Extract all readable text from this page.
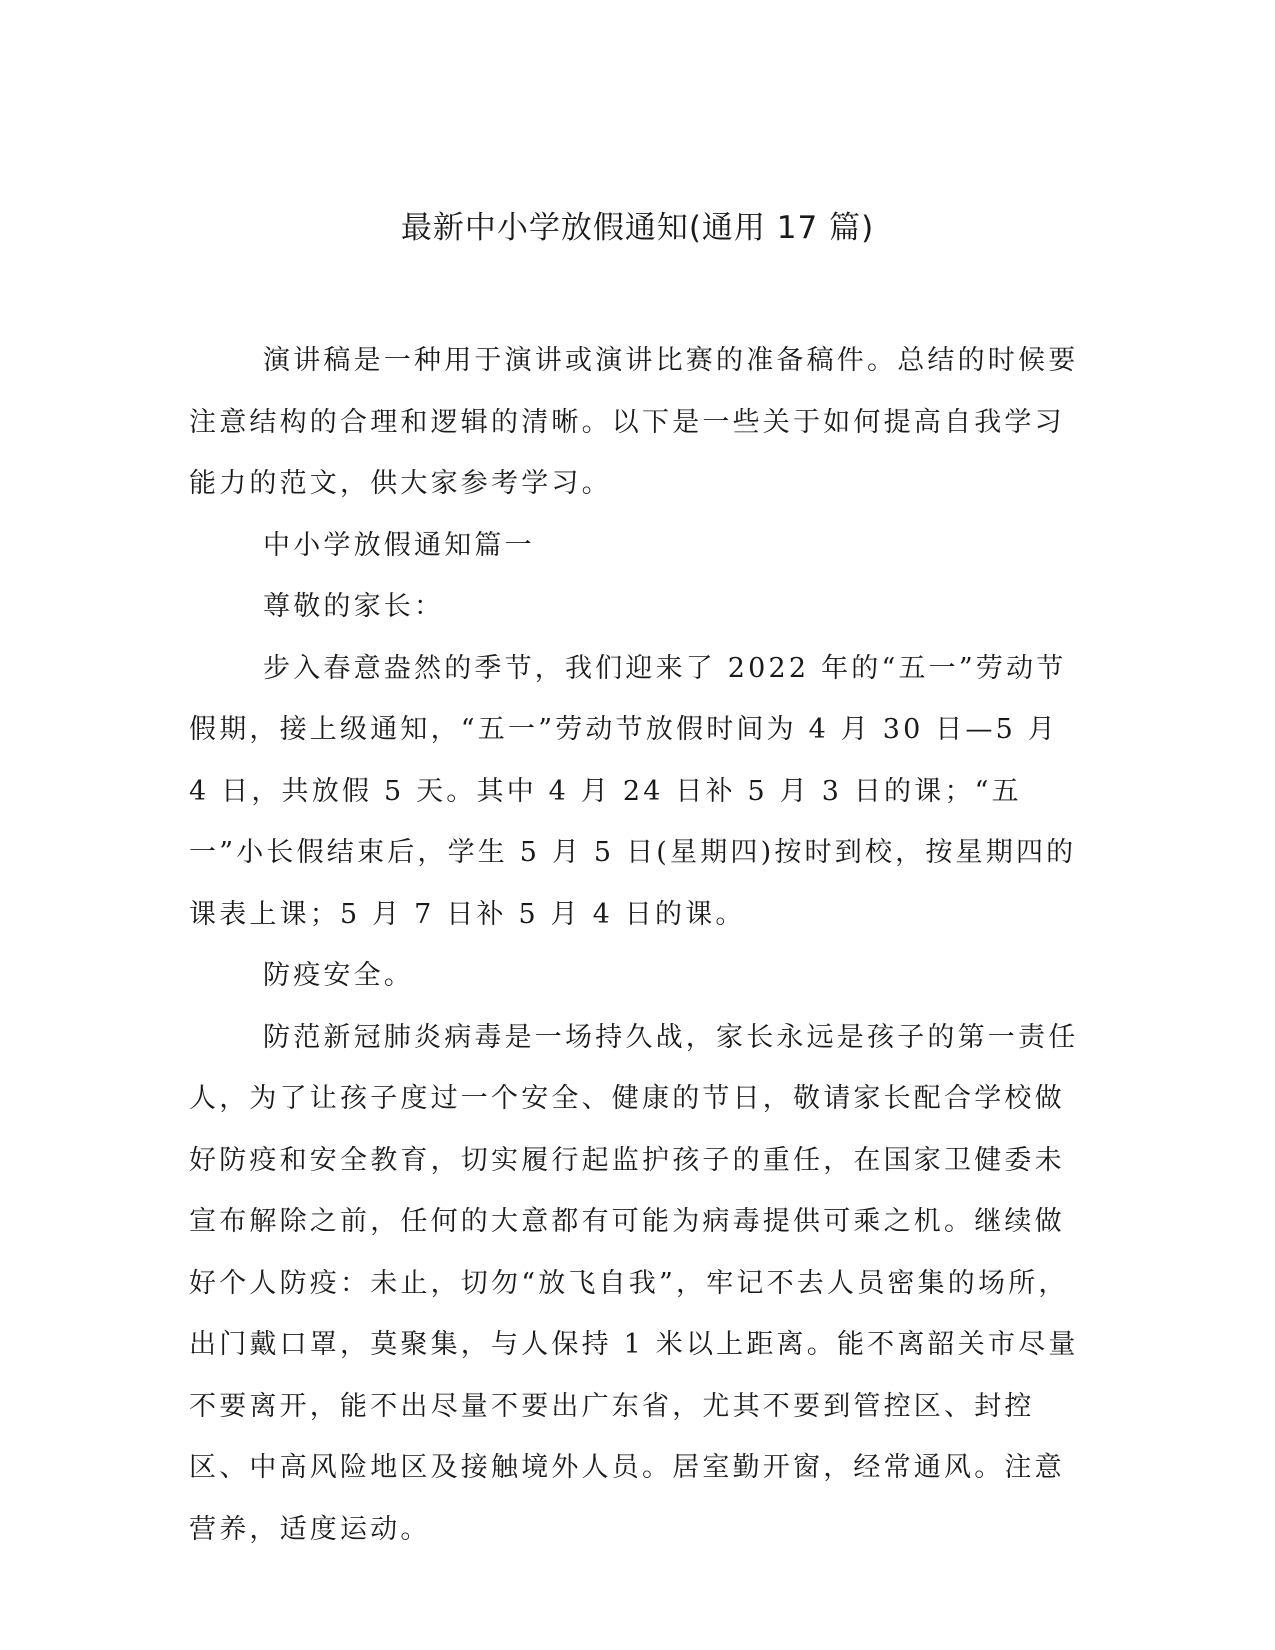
最新中小学放假通知(通用 17 篇)

演讲稿是一种用于演讲或演讲比赛的准备稿件。总结的时候要注意结构的合理和逻辑的清晰。以下是一些关于如何提高自我学习能力的范文，供大家参考学习。

中小学放假通知篇一

尊敬的家长：

步入春意盎然的季节，我们迎来了 2022 年的“五一”劳动节假期，接上级通知，“五一”劳动节放假时间为 4 月 30 日—5 月 4 日，共放假 5 天。其中 4 月 24 日补 5 月 3 日的课；“五一”小长假结束后，学生 5 月 5 日(星期四)按时到校，按星期四的课表上课；5 月 7 日补 5 月 4 日的课。

防疫安全。

防范新冠肺炎病毒是一场持久战，家长永远是孩子的第一责任人，为了让孩子度过一个安全、健康的节日，敬请家长配合学校做好防疫和安全教育，切实履行起监护孩子的重任，在国家卫健委未宣布解除之前，任何的大意都有可能为病毒提供可乘之机。继续做好个人防疫：未止，切勿“放飞自我”，牢记不去人员密集的场所，出门戴口罩，莫聚集，与人保持 1 米以上距离。能不离韶关市尽量不要离开，能不出尽量不要出广东省，尤其不要到管控区、封控区、中高风险地区及接触境外人员。居室勤开窗，经常通风。注意营养，适度运动。
